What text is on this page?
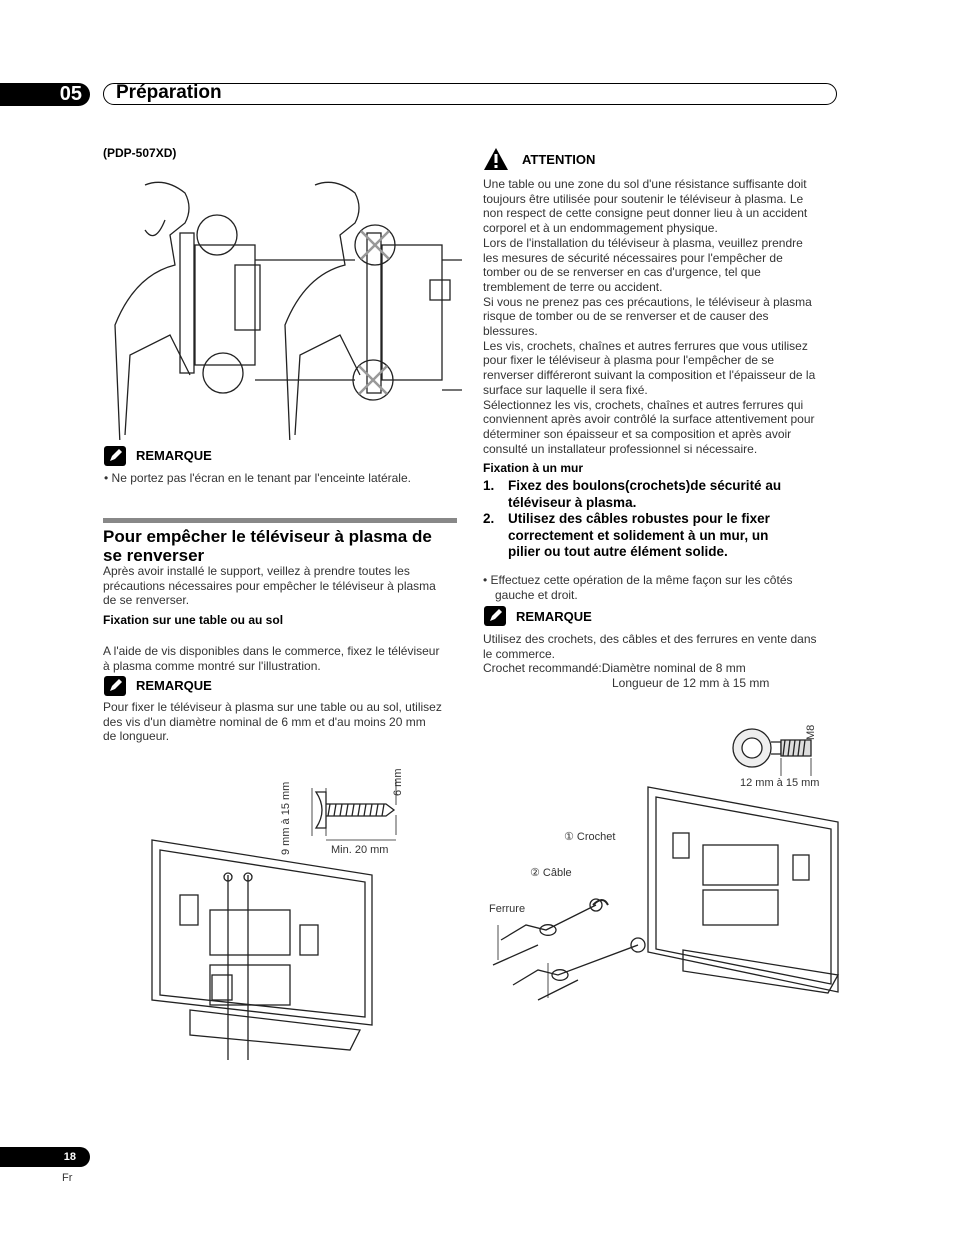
05	Préparation
(PDP-507XD)
REMARQUE
• Ne portez pas l'écran en le tenant par l'enceinte latérale.
Pour empêcher le téléviseur à plasma de
se renverser
Après avoir installé le support, veillez à prendre toutes les
précautions nécessaires pour empêcher le téléviseur à plasma
de se renverser.
Fixation sur une table ou au sol
A l'aide de vis disponibles dans le commerce, fixez le téléviseur
à plasma comme montré sur l'illustration.
REMARQUE
Pour fixer le téléviseur à plasma sur une table ou au sol, utilisez
des vis d'un diamètre nominal de 6 mm et d'au moins 20 mm
de longueur.
9 mm à 15 mm	6 mm
Min. 20 mm
ATTENTION
Une table ou une zone du sol d'une résistance suffisante doit
toujours être utilisée pour soutenir le téléviseur à plasma. Le
non respect de cette consigne peut donner lieu à un accident
corporel et à un endommagement physique.
Lors de l'installation du téléviseur à plasma, veuillez prendre
les mesures de sécurité nécessaires pour l'empêcher de
tomber ou de se renverser en cas d'urgence, tel que
tremblement de terre ou accident.
Si vous ne prenez pas ces précautions, le téléviseur à plasma
risque de tomber ou de se renverser et de causer des
blessures.
Les vis, crochets, chaînes et autres ferrures que vous utilisez
pour fixer le téléviseur à plasma pour l'empêcher de se
renverser différeront suivant la composition et l'épaisseur de la
surface sur laquelle il sera fixé.
Sélectionnez les vis, crochets, chaînes et autres ferrures qui
conviennent après avoir contrôlé la surface attentivement pour
déterminer son épaisseur et sa composition et après avoir
consulté un installateur professionnel si nécessaire.
Fixation à un mur
1. Fixez des boulons(crochets)de sécurité au
téléviseur à plasma.
2. Utilisez des câbles robustes pour le fixer
correctement et solidement à un mur, un
pilier ou tout autre élément solide.
• Effectuez cette opération de la même façon sur les côtés
gauche et droit.
REMARQUE
Utilisez des crochets, des câbles et des ferrures en vente dans
le commerce.
Crochet recommandé:Diamètre nominal de 8 mm
Longueur de 12 mm à 15 mm
M8
12 mm à 15 mm
① Crochet
② Câble
Ferrure
18
Fr
